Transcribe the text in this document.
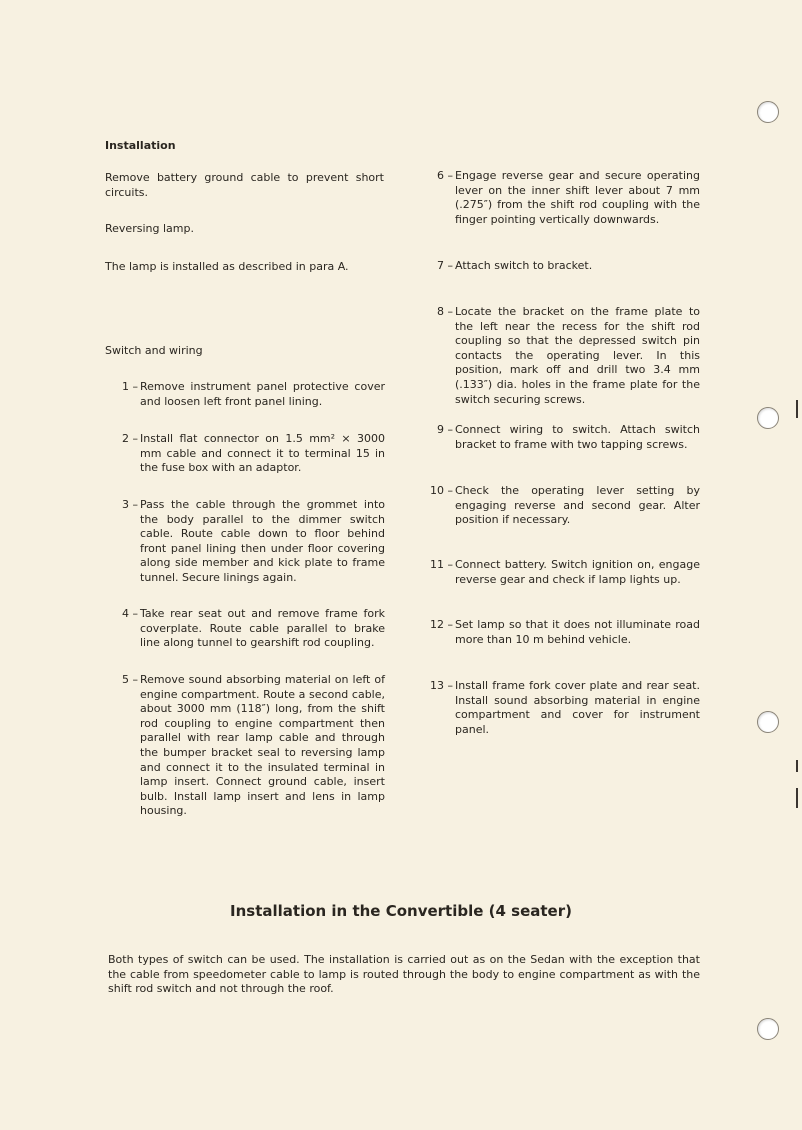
Installation
Remove battery ground cable to prevent short circuits.
Reversing lamp.
The lamp is installed as described in para A.
Switch and wiring
1 – Remove instrument panel protective cover and loosen left front panel lining.
2 – Install flat connector on 1.5 mm² × 3000 mm cable and connect it to terminal 15 in the fuse box with an adaptor.
3 – Pass the cable through the grommet into the body parallel to the dimmer switch cable. Route cable down to floor behind front panel lining then under floor covering along side member and kick plate to frame tunnel. Secure linings again.
4 – Take rear seat out and remove frame fork coverplate. Route cable parallel to brake line along tunnel to gearshift rod coupling.
5 – Remove sound absorbing material on left of engine compartment. Route a second cable, about 3000 mm (118″) long, from the shift rod coupling to engine compartment then parallel with rear lamp cable and through the bumper bracket seal to reversing lamp and connect it to the insulated terminal in lamp insert. Connect ground cable, insert bulb. Install lamp insert and lens in lamp housing.
6 – Engage reverse gear and secure operating lever on the inner shift lever about 7 mm (.275″) from the shift rod coupling with the finger pointing vertically downwards.
7 – Attach switch to bracket.
8 – Locate the bracket on the frame plate to the left near the recess for the shift rod coupling so that the depressed switch pin contacts the operating lever. In this position, mark off and drill two 3.4 mm (.133″) dia. holes in the frame plate for the switch securing screws.
9 – Connect wiring to switch. Attach switch bracket to frame with two tapping screws.
10 – Check the operating lever setting by engaging reverse and second gear. Alter position if necessary.
11 – Connect battery. Switch ignition on, engage reverse gear and check if lamp lights up.
12 – Set lamp so that it does not illuminate road more than 10 m behind vehicle.
13 – Install frame fork cover plate and rear seat. Install sound absorbing material in engine compartment and cover for instrument panel.
Installation in the Convertible (4 seater)
Both types of switch can be used. The installation is carried out as on the Sedan with the exception that the cable from speedometer cable to lamp is routed through the body to engine compartment as with the shift rod switch and not through the roof.
